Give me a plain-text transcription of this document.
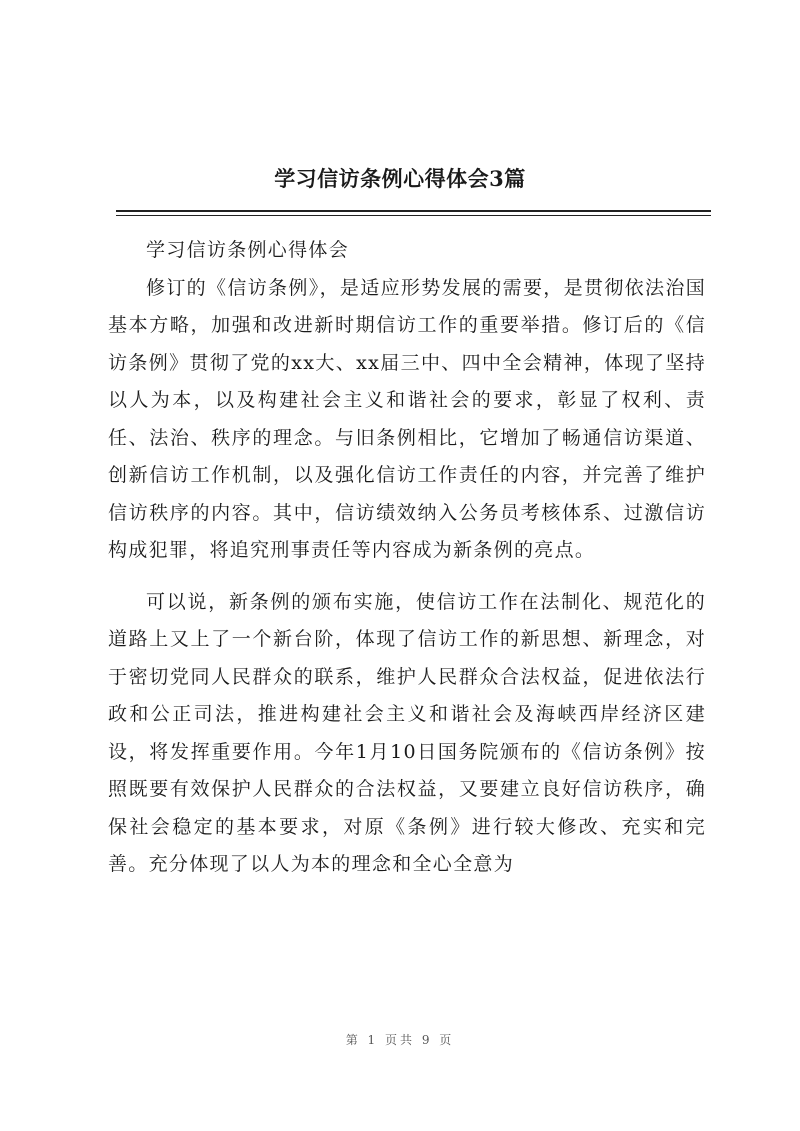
学习信访条例心得体会3篇

学习信访条例心得体会

修订的《信访条例》，是适应形势发展的需要，是贯彻依法治国基本方略，加强和改进新时期信访工作的重要举措。修订后的《信访条例》贯彻了党的xx大、xx届三中、四中全会精神，体现了坚持以人为本，以及构建社会主义和谐社会的要求，彰显了权利、责任、法治、秩序的理念。与旧条例相比，它增加了畅通信访渠道、创新信访工作机制，以及强化信访工作责任的内容，并完善了维护信访秩序的内容。其中，信访绩效纳入公务员考核体系、过激信访构成犯罪，将追究刑事责任等内容成为新条例的亮点。

可以说，新条例的颁布实施，使信访工作在法制化、规范化的道路上又上了一个新台阶，体现了信访工作的新思想、新理念，对于密切党同人民群众的联系，维护人民群众合法权益，促进依法行政和公正司法，推进构建社会主义和谐社会及海峡西岸经济区建设，将发挥重要作用。今年1月10日国务院颁布的《信访条例》按照既要有效保护人民群众的合法权益，又要建立良好信访秩序，确保社会稳定的基本要求，对原《条例》进行较大修改、充实和完善。充分体现了以人为本的理念和全心全意为

第 1 页共 9 页
